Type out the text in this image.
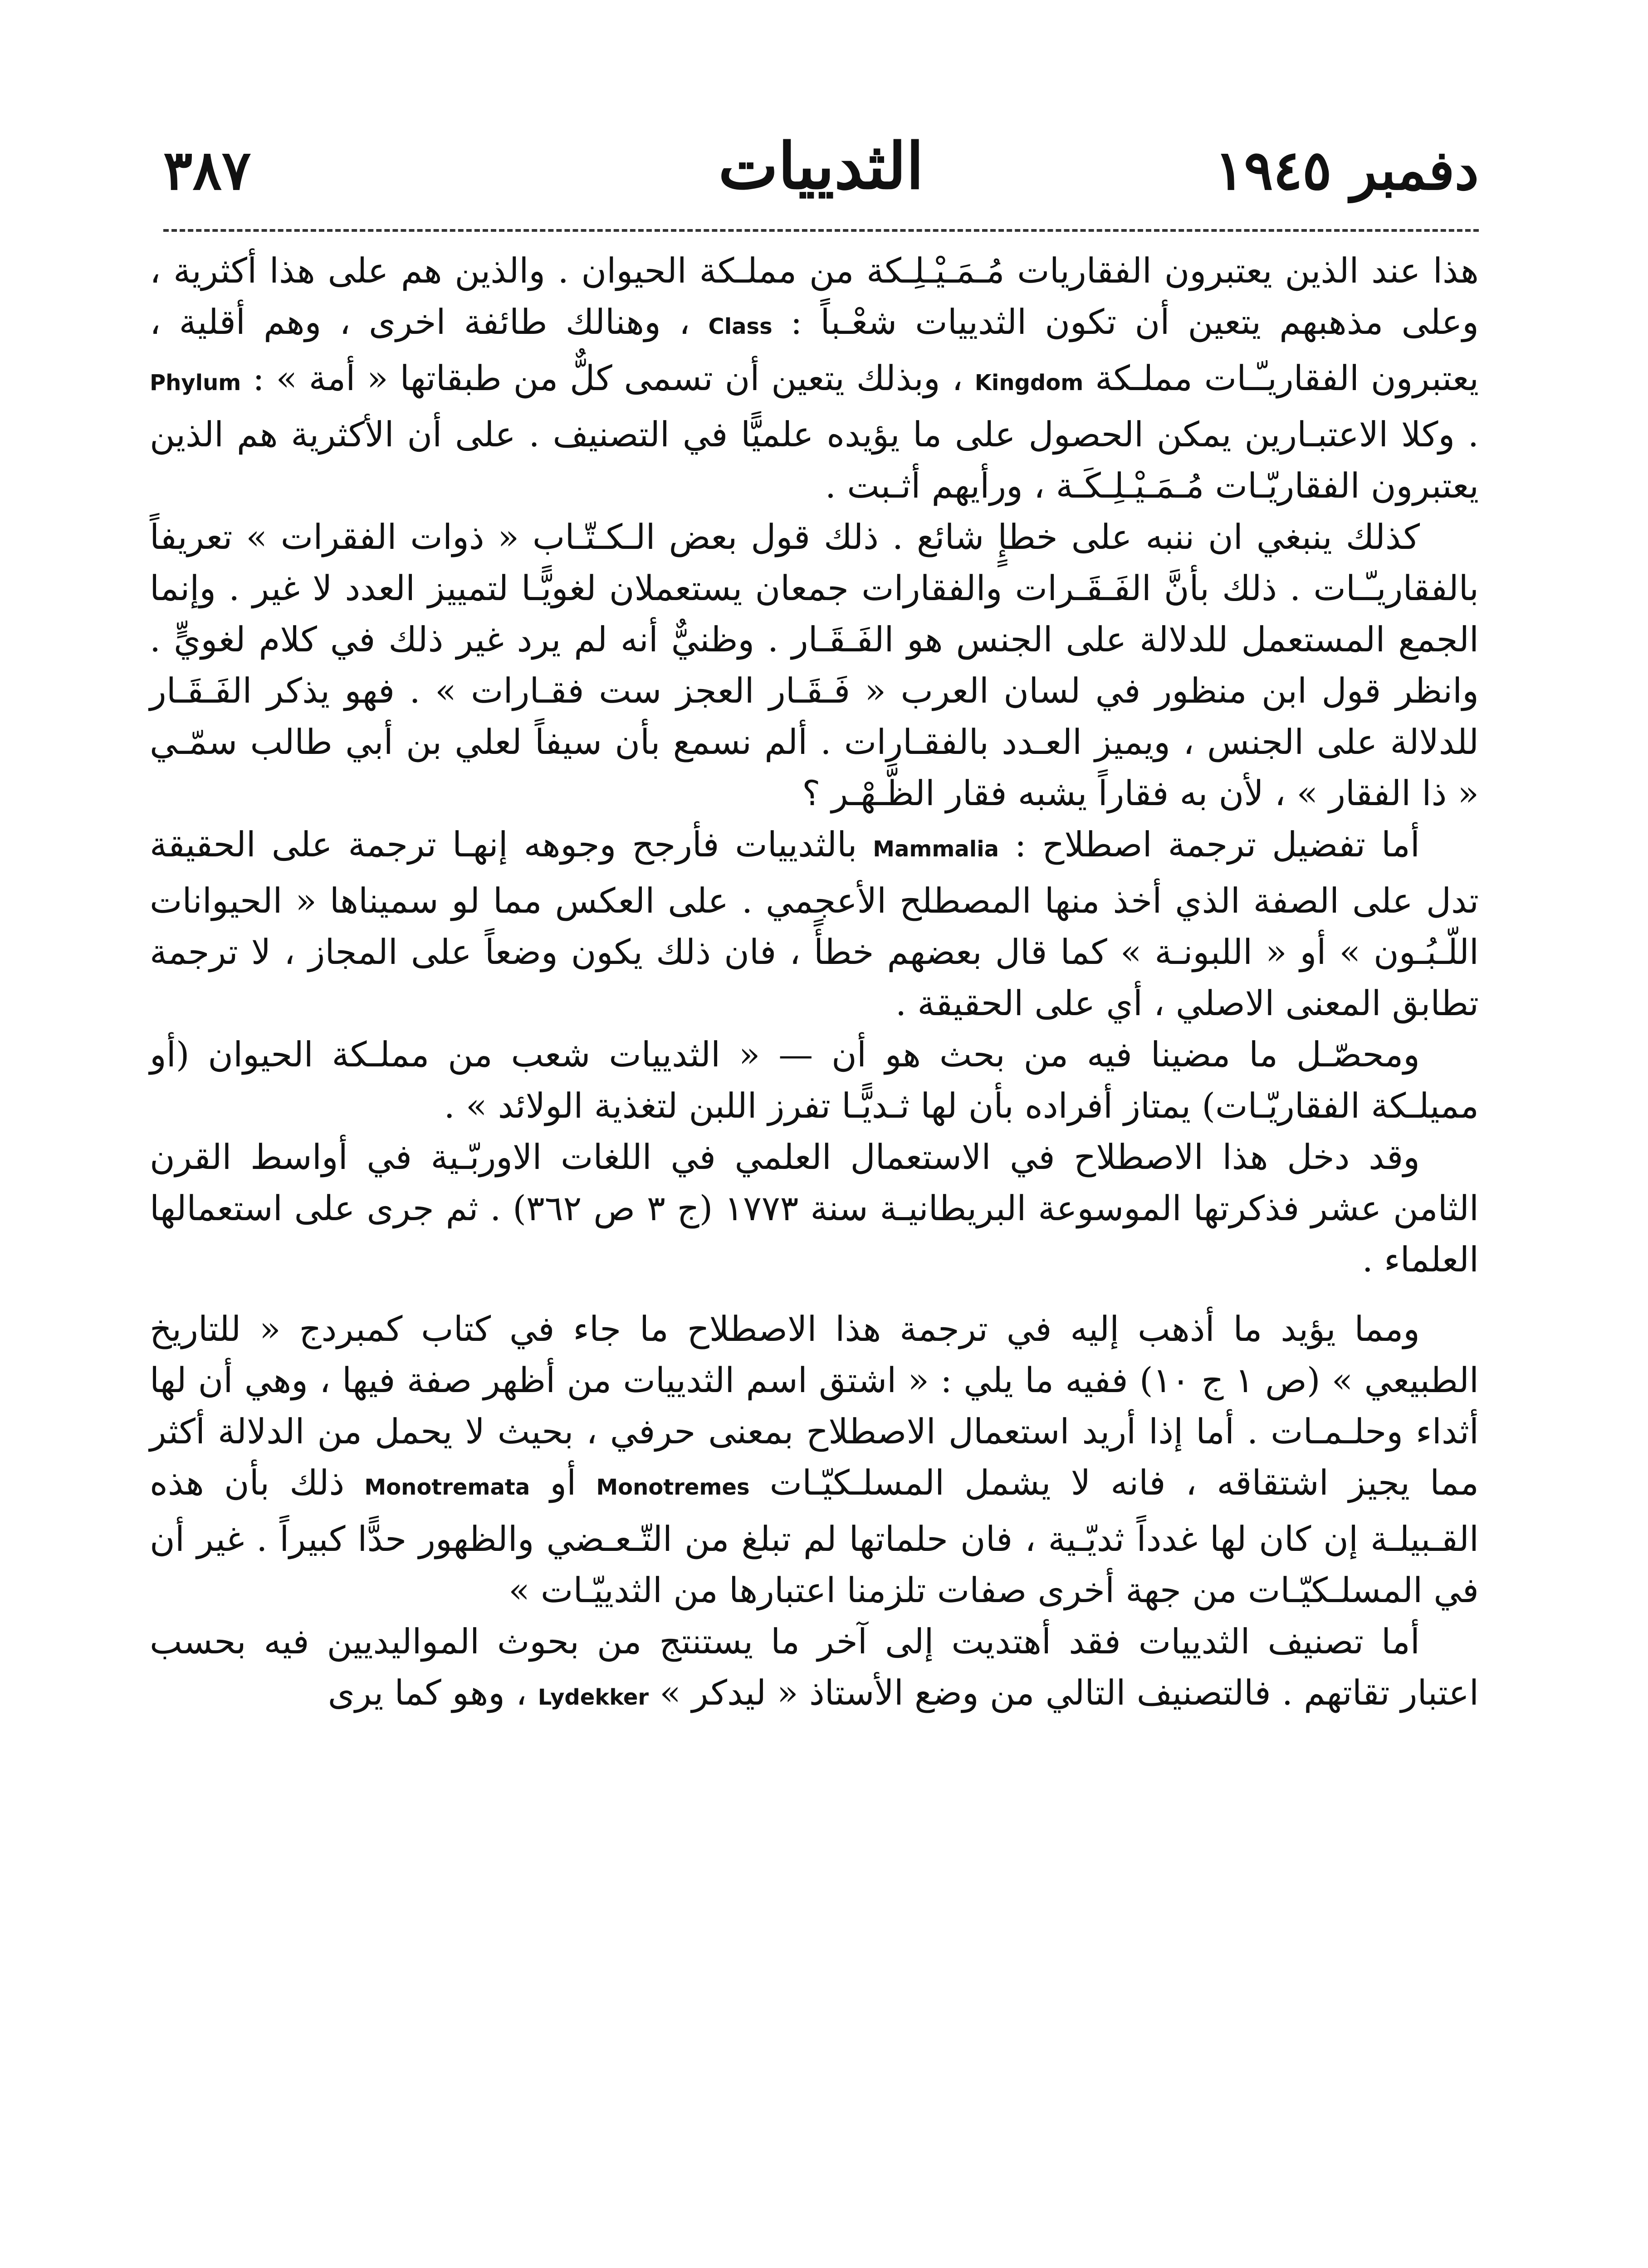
دفمبر ١٩٤٥
الثدييات
٣٨٧

هذا عند الذين يعتبرون الفقاريات مُـمَـيْـلِـكة من مملـكة الحيوان . والذين هم على هذا أكثرية ، وعلى مذهبهم يتعين أن تكون الثدييات شعْـباً : Class ، وهنالك طائفة اخرى ، وهم أقلية ، يعتبرون الفقاريـّـات مملـكة Kingdom ، وبذلك يتعين أن تسمى كلٌّ من طبقاتها « أمة » : Phylum . وكلا الاعتبـارين يمكن الحصول على ما يؤيده علميًّا في التصنيف . على أن الأكثرية هم الذين يعتبرون الفقاريّـات مُـمَـيْـلِـكَـة ، ورأيهم أثـبت .

كذلك ينبغي ان ننبه على خطإٍ شائع . ذلك قول بعض الـكـتّـاب « ذوات الفقرات » تعريفاً بالفقاريـّـات . ذلك بأنَّ الفَـقَـرات والفقارات جمعان يستعملان لغويًّـا لتمييز العدد لا غير . وإنما الجمع المستعمل للدلالة على الجنس هو الفَـقَـار . وظنيٌّ أنه لم يرد غير ذلك في كلام لغويٍّ . وانظر قول ابن منظور في لسان العرب « فَـقَـار العجز ست فقـارات » . فهو يذكر الفَـقَـار للدلالة على الجنس ، ويميز العـدد بالفقـارات . ألم نسمع بأن سيفاً لعلي بن أبي طالب سمّـي « ذا الفقار » ، لأن به فقاراً يشبه فقار الظَّـهْـر ؟

أما تفضيل ترجمة اصطلاح : Mammalia بالثدييات فأرجح وجوهه إنهـا ترجمة على الحقيقة تدل على الصفة الذي أخذ منها المصطلح الأعجمي . على العكس مما لو سميناها « الحيوانات اللّـبُـون » أو « اللبونـة » كما قال بعضهم خطأً ، فان ذلك يكون وضعاً على المجاز ، لا ترجمة تطابق المعنى الاصلي ، أي على الحقيقة .

ومحصّـل ما مضينا فيه من بحث هو أن — « الثدييات شعب من مملـكة الحيوان (أو مميلـكة الفقاريّـات) يمتاز أفراده بأن لها ثـديًّـا تفرز اللبن لتغذية الولائد » .

وقد دخل هذا الاصطلاح في الاستعمال العلمي في اللغات الاوربّـية في أواسط القرن الثامن عشر فذكرتها الموسوعة البريطانيـة سنة ١٧٧٣ (ج ٣ ص ٣٦٢) . ثم جرى على استعمالها العلماء .

ومما يؤيد ما أذهب إليه في ترجمة هذا الاصطلاح ما جاء في كتاب كمبردج « للتاريخ الطبيعي » (ص ١ ج ١٠) ففيه ما يلي : « اشتق اسم الثدييات من أظهر صفة فيها ، وهي أن لها أثداء وحلـمـات . أما إذا أريد استعمال الاصطلاح بمعنى حرفي ، بحيث لا يحمل من الدلالة أكثر مما يجيز اشتقاقه ، فانه لا يشمل المسلـكيّـات Monotremes أو Monotremata ذلك بأن هذه القـبيلـة إن كان لها غدداً ثديّـية ، فان حلماتها لم تبلغ من التّـعـضي والظهور حدًّا كبيراً . غير أن في المسلـكيّـات من جهة أخرى صفات تلزمنا اعتبارها من الثدييّـات »

أما تصنيف الثدييات فقد أهتديت إلى آخر ما يستنتج من بحوث المواليديين فيه بحسب اعتبار تقاتهم . فالتصنيف التالي من وضع الأستاذ « ليدكر » Lydekker ، وهو كما يرى
